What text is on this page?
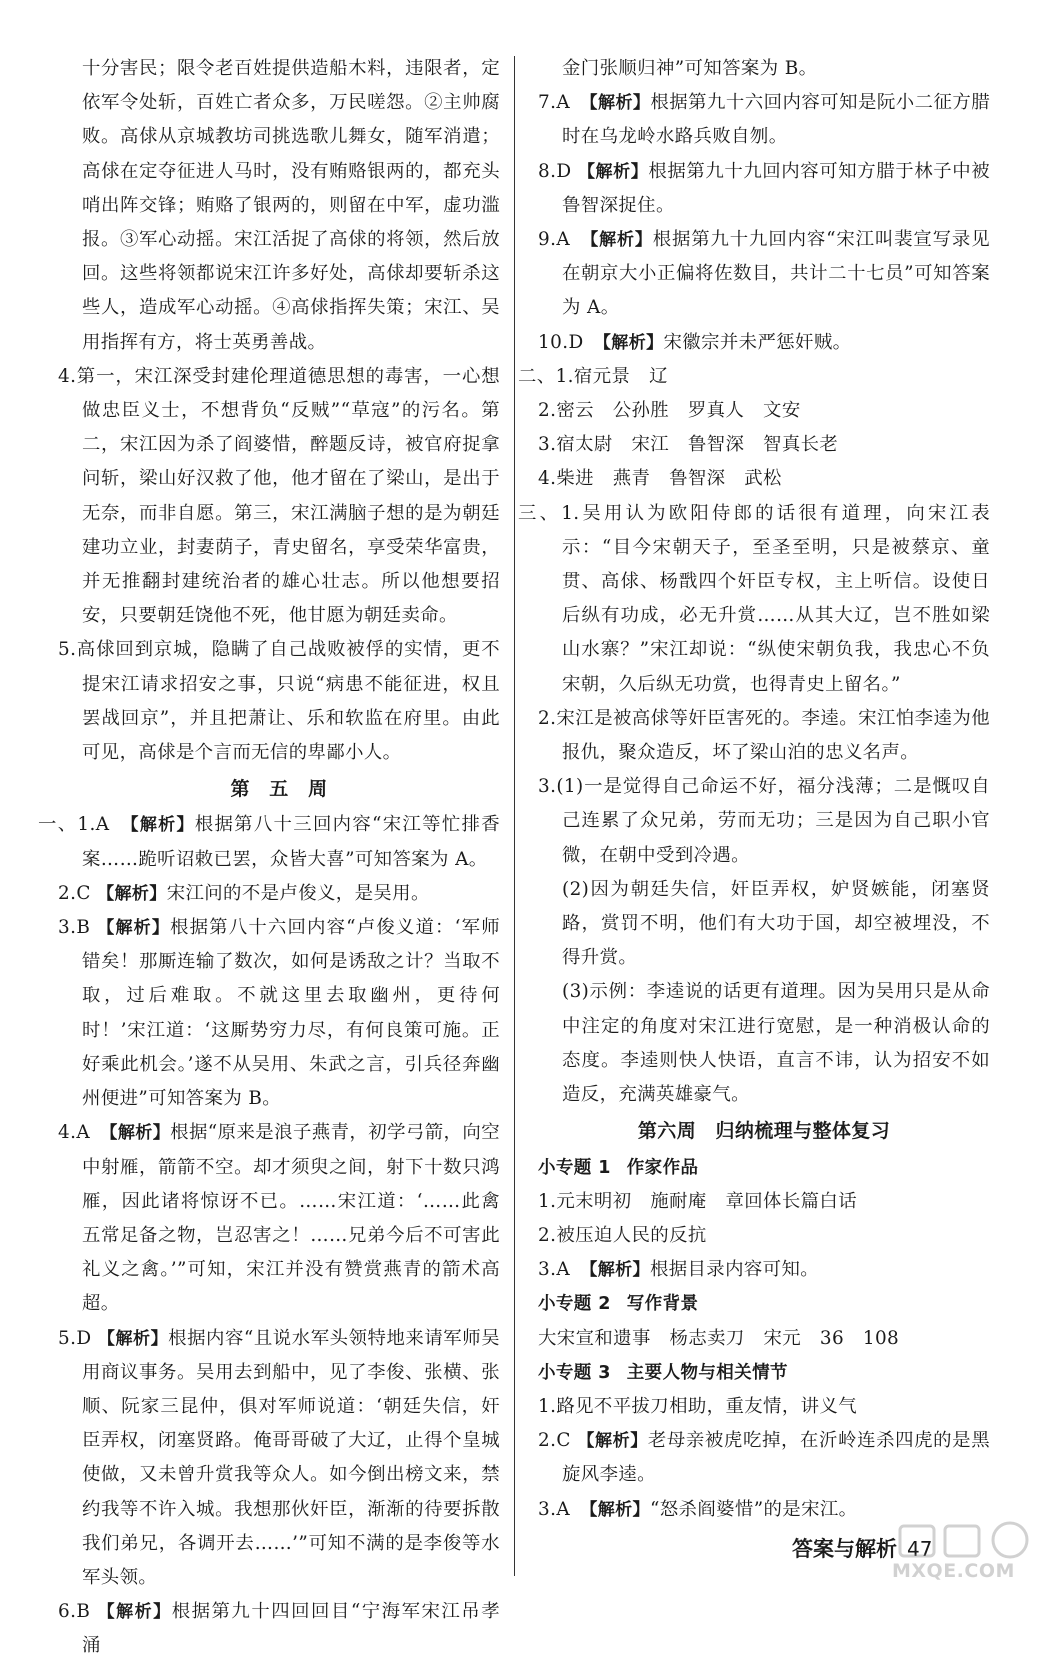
十分害民；限令老百姓提供造船木料，违限者，定依军令处斩，百姓亡者众多，万民嗟怨。②主帅腐败。高俅从京城教坊司挑选歌儿舞女，随军消遣；高俅在定夺征进人马时，没有贿赂银两的，都充头哨出阵交锋；贿赂了银两的，则留在中军，虚功滥报。③军心动摇。宋江活捉了高俅的将领，然后放回。这些将领都说宋江许多好处，高俅却要斩杀这些人，造成军心动摇。④高俅指挥失策；宋江、吴用指挥有方，将士英勇善战。

4.第一，宋江深受封建伦理道德思想的毒害，一心想做忠臣义士，不想背负“反贼”“草寇”的污名。第二，宋江因为杀了阎婆惜，醉题反诗，被官府捉拿问斩，梁山好汉救了他，他才留在了梁山，是出于无奈，而非自愿。第三，宋江满脑子想的是为朝廷建功立业，封妻荫子，青史留名，享受荣华富贵，并无推翻封建统治者的雄心壮志。所以他想要招安，只要朝廷饶他不死，他甘愿为朝廷卖命。

5.高俅回到京城，隐瞒了自己战败被俘的实情，更不提宋江请求招安之事，只说“病患不能征进，权且罢战回京”，并且把萧让、乐和软监在府里。由此可见，高俅是个言而无信的卑鄙小人。

第　五　周

一、1.A　 【解析】根据第八十三回内容“宋江等忙排香案……跪听诏敕已罢，众皆大喜”可知答案为 A。

2.C 【解析】宋江问的不是卢俊义，是吴用。

3.B 【解析】根据第八十六回内容“卢俊义道：‘军师错矣！那厮连输了数次，如何是诱敌之计？当取不取，过后难取。不就这里去取幽州，更待何时！’宋江道：‘这厮势穷力尽，有何良策可施。正好乘此机会。’遂不从吴用、朱武之言，引兵径奔幽州便进”可知答案为 B。

4.A　 【解析】根据“原来是浪子燕青，初学弓箭，向空中射雁，箭箭不空。却才须臾之间，射下十数只鸿雁，因此诸将惊讶不已。……宋江道：‘……此禽五常足备之物，岂忍害之！……兄弟今后不可害此礼义之禽。’”可知，宋江并没有赞赏燕青的箭术高超。

5.D 【解析】根据内容“且说水军头领特地来请军师吴用商议事务。吴用去到船中，见了李俊、张横、张顺、阮家三昆仲，俱对军师说道：‘朝廷失信，奸臣弄权，闭塞贤路。俺哥哥破了大辽，止得个皇城使做，又未曾升赏我等众人。如今倒出榜文来，禁约我等不许入城。我想那伙奸臣，渐渐的待要拆散我们弟兄，各调开去……’”可知不满的是李俊等水军头领。

6.B 【解析】根据第九十四回回目“宁海军宋江吊孝　涌

金门张顺归神”可知答案为 B。

7.A　 【解析】根据第九十六回内容可知是阮小二征方腊时在乌龙岭水路兵败自刎。

8.D 【解析】根据第九十九回内容可知方腊于林子中被鲁智深捉住。

9.A　 【解析】根据第九十九回内容“宋江叫裴宣写录见在朝京大小正偏将佐数目，共计二十七员”可知答案为 A。

10.D　 【解析】宋徽宗并未严惩奸贼。

二、1.宿元景　辽

2.密云　公孙胜　罗真人　文安

3.宿太尉　宋江　鲁智深　智真长老

4.柴进　燕青　鲁智深　武松

三、1.吴用认为欧阳侍郎的话很有道理，向宋江表示：“目今宋朝天子，至圣至明，只是被蔡京、童贯、高俅、杨戬四个奸臣专权，主上听信。设使日后纵有功成，必无升赏……从其大辽，岂不胜如梁山水寨？”宋江却说：“纵使宋朝负我，我忠心不负宋朝，久后纵无功赏，也得青史上留名。”

2.宋江是被高俅等奸臣害死的。李逵。宋江怕李逵为他报仇，聚众造反，坏了梁山泊的忠义名声。

3.(1)一是觉得自己命运不好，福分浅薄；二是慨叹自己连累了众兄弟，劳而无功；三是因为自己职小官微，在朝中受到冷遇。

(2)因为朝廷失信，奸臣弄权，妒贤嫉能，闭塞贤路，赏罚不明，他们有大功于国，却空被埋没，不得升赏。

(3)示例：李逵说的话更有道理。因为吴用只是从命中注定的角度对宋江进行宽慰，是一种消极认命的态度。李逵则快人快语，直言不讳，认为招安不如造反，充满英雄豪气。

第六周　归纳梳理与整体复习

小专题 1 作家作品

1.元末明初　施耐庵　章回体长篇白话

2.被压迫人民的反抗

3.A　 【解析】根据目录内容可知。

小专题 2 写作背景

大宋宣和遗事　杨志卖刀　宋元　36　108

小专题 3 主要人物与相关情节

1.路见不平拔刀相助，重友情，讲义气

2.C 【解析】老母亲被虎吃掉，在沂岭连杀四虎的是黑旋风李逵。

3.A　 【解析】“怒杀阎婆惜”的是宋江。

答案与解析 47
MXQE.COM
